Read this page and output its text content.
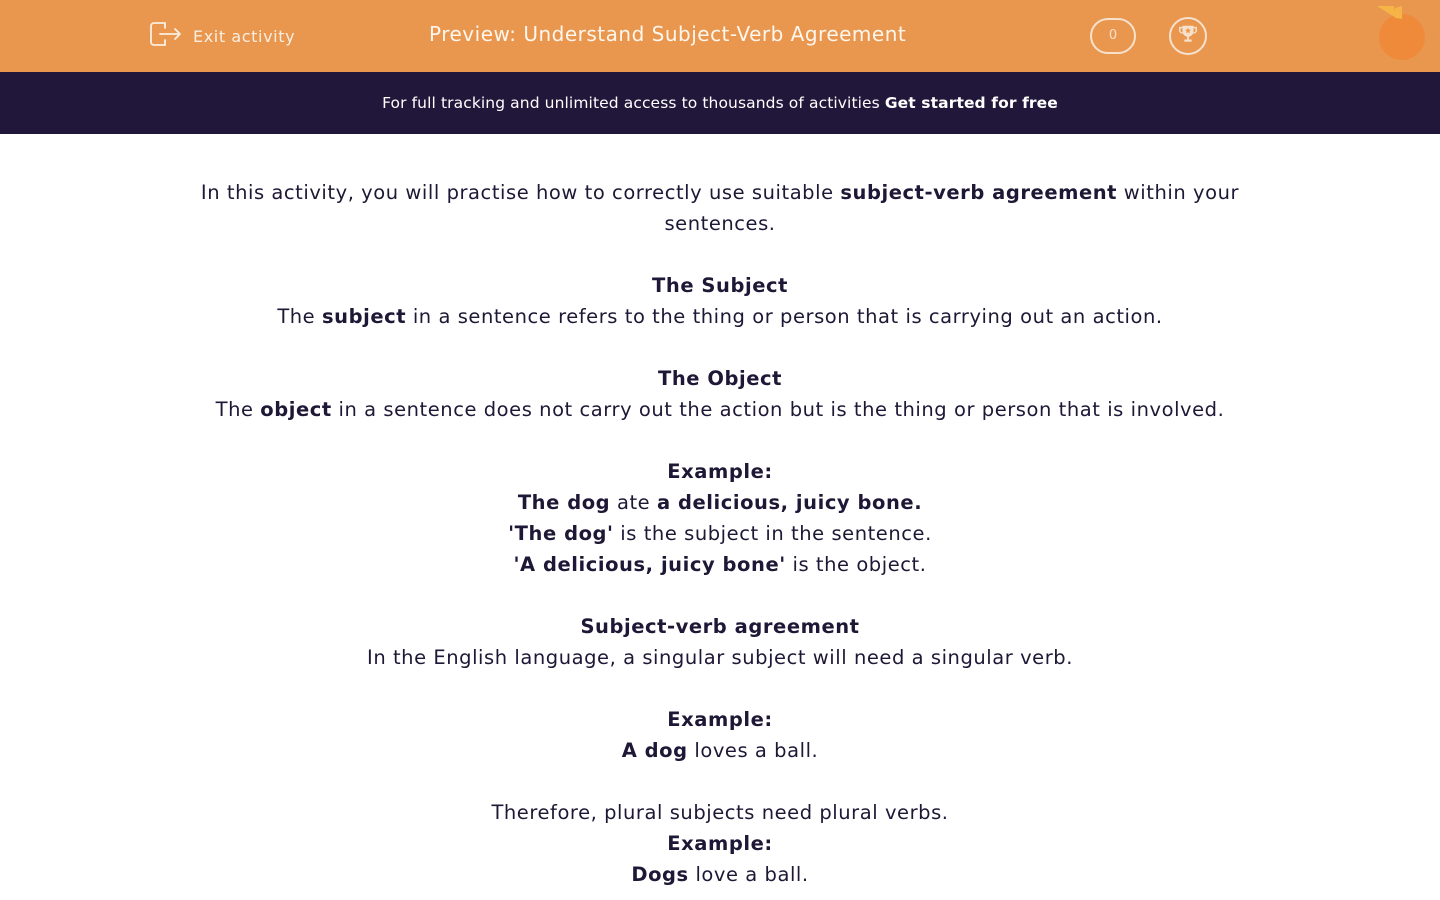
Exit activity	Preview: Understand Subject-Verb Agreement	0
For full tracking and unlimited access to thousands of activities Get started for free

In this activity, you will practise how to correctly use suitable subject-verb agreement within your sentences.

The Subject

The subject in a sentence refers to the thing or person that is carrying out an action.

The Object

The object in a sentence does not carry out the action but is the thing or person that is involved.

Example:

The dog ate a delicious, juicy bone.

'The dog' is the subject in the sentence.

'A delicious, juicy bone' is the object.

Subject-verb agreement

In the English language, a singular subject will need a singular verb.

Example:

A dog loves a ball.

Therefore, plural subjects need plural verbs.

Example:

Dogs love a ball.
